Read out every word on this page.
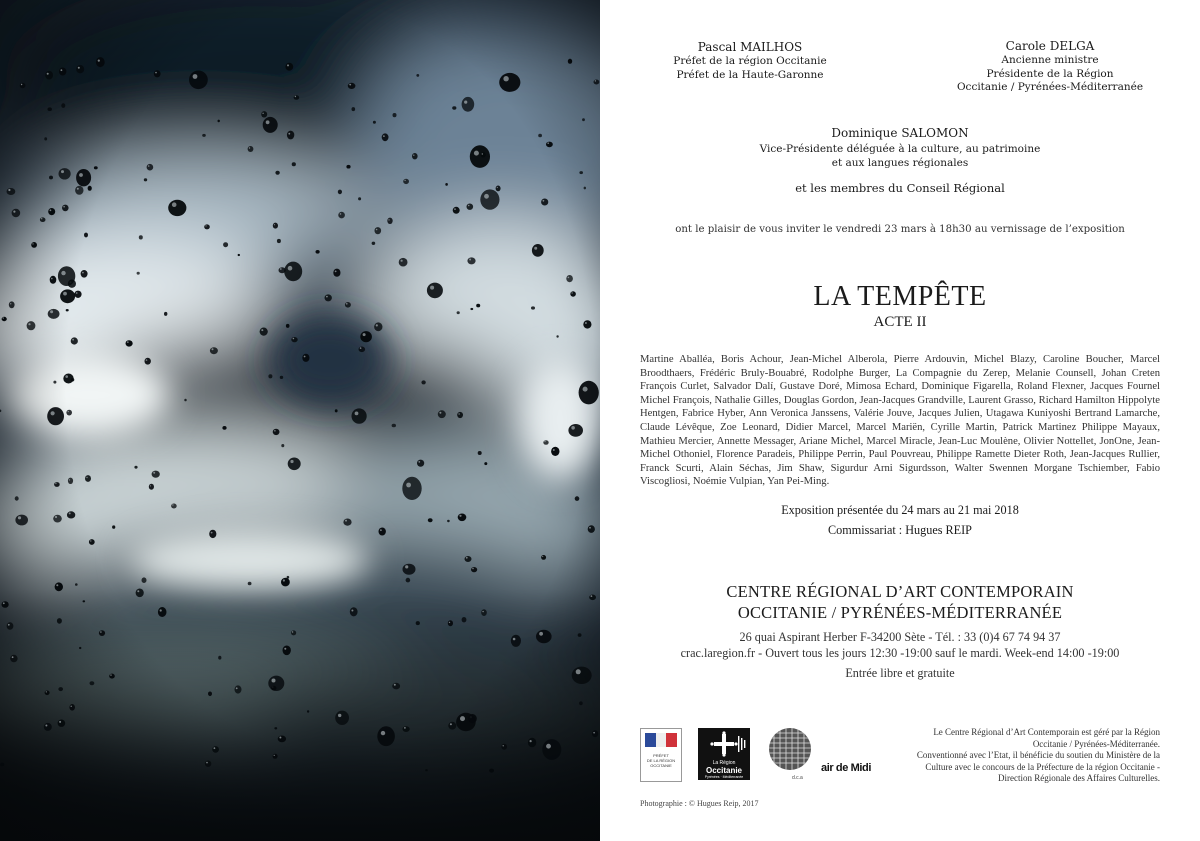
Pascal MAILHOS
Préfet de la région Occitanie
Préfet de la Haute-Garonne
Carole DELGA
Ancienne ministre
Présidente de la Région
Occitanie / Pyrénées-Méditerranée
Dominique SALOMON
Vice-Présidente déléguée à la culture, au patrimoine
et aux langues régionales
et les membres du Conseil Régional
ont le plaisir de vous inviter le vendredi 23 mars à 18h30 au vernissage de l’exposition
LA TEMPÊTE
ACTE II
Martine Aballéa, Boris Achour, Jean-Michel Alberola, Pierre Ardouvin, Michel Blazy, Caroline Boucher, Marcel Broodthaers, Frédéric Bruly-Bouabré, Rodolphe Burger, La Compagnie du Zerep, Melanie Counsell, Johan Creten François Curlet, Salvador Dalí, Gustave Doré, Mimosa Echard, Dominique Figarella, Roland Flexner, Jacques Fournel Michel François, Nathalie Gilles, Douglas Gordon, Jean-Jacques Grandville, Laurent Grasso, Richard Hamilton Hippolyte Hentgen, Fabrice Hyber, Ann Veronica Janssens, Valérie Jouve, Jacques Julien, Utagawa Kuniyoshi Bertrand Lamarche, Claude Lévêque, Zoe Leonard, Didier Marcel, Marcel Mariën, Cyrille Martin, Patrick Martinez Philippe Mayaux, Mathieu Mercier, Annette Messager, Ariane Michel, Marcel Miracle, Jean-Luc Moulène, Olivier Nottellet, JonOne, Jean-Michel Othoniel, Florence Paradeis, Philippe Perrin, Paul Pouvreau, Philippe Ramette Dieter Roth, Jean-Jacques Rullier, Franck Scurti, Alain Séchas, Jim Shaw, Sigurdur Arni Sigurdsson, Walter Swennen Morgane Tschiember, Fabio Viscogliosi, Noémie Vulpian, Yan Pei-Ming.
Exposition présentée du 24 mars au 21 mai 2018
Commissariat : Hugues REIP
CENTRE RÉGIONAL D’ART CONTEMPORAIN
OCCITANIE / PYRÉNÉES-MÉDITERRANÉE
26 quai Aspirant Herber F-34200 Sète - Tél. : 33 (0)4 67 74 94 37
crac.laregion.fr - Ouvert tous les jours 12:30 -19:00 sauf le mardi. Week-end 14:00 -19:00
Entrée libre et gratuite
PRÉFET
DE LA RÉGION
OCCITANIE	La Région
Occitanie
Pyrénées · Méditerranée	d.c.a
air de Midi
Le Centre Régional d’Art Contemporain est géré par la Région
Occitanie / Pyrénées-Méditerranée.
Conventionné avec l’Etat, il bénéficie du soutien du Ministère de la
Culture avec le concours de la Préfecture de la région Occitanie -
Direction Régionale des Affaires Culturelles.
Photographie : © Hugues Reip, 2017
